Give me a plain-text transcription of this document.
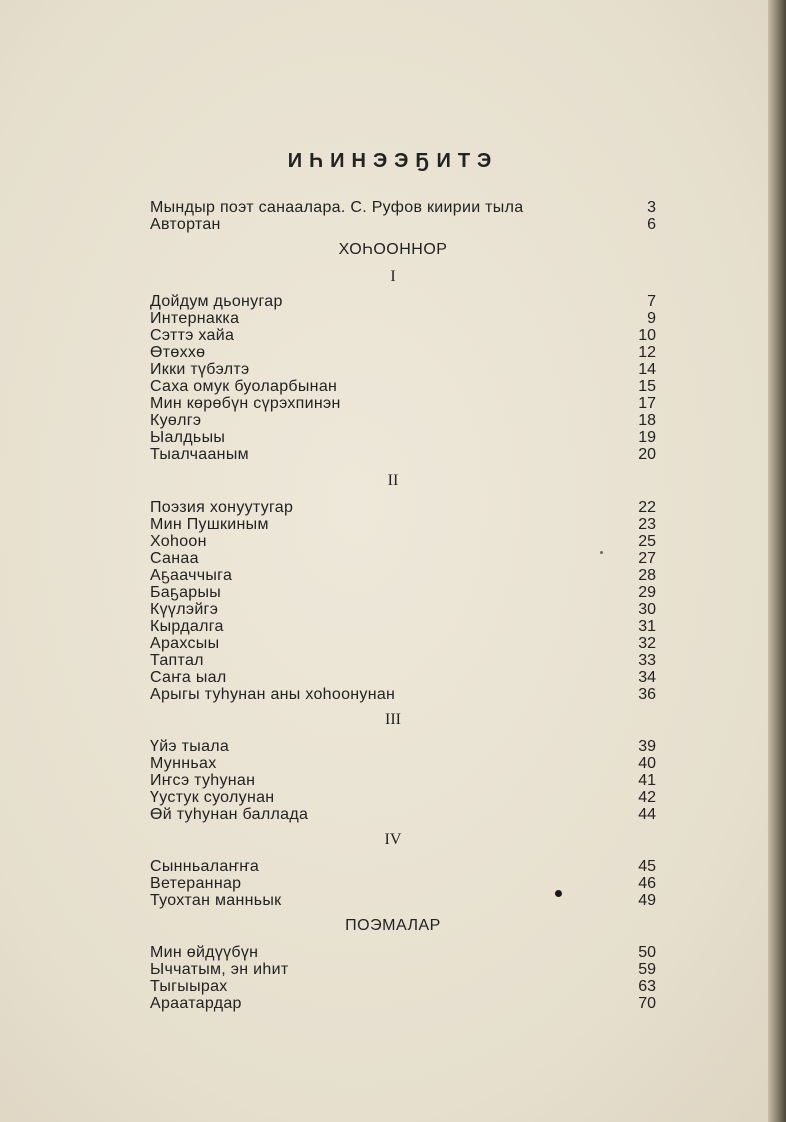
ИҺИНЭЭҔИТЭ
Мындыр поэт санаалара. С. Руфов киирии тыла	3
Автортан	6
ХОҺООННОР
I
Дойдум дьонугар	7
Интернакка	9
Сэттэ хайа	10
Өтөххө	12
Икки түбэлтэ	14
Саха омук буоларбынан	15
Мин көрөбүн сүрэхпинэн	17
Куөлгэ	18
Ыалдьыы	19
Тыалчааным	20
II
Поэзия хонуутугар	22
Мин Пушкиным	23
Хоһоон	25
Санаа	27
Аҕааччыга	28
Баҕарыы	29
Күүлэйгэ	30
Кырдалга	31
Арахсыы	32
Таптал	33
Саҥа ыал	34
Арыгы туһунан аны хоһоонунан	36
III
Үйэ тыала	39
Мунньах	40
Иҥсэ туһунан	41
Үустук суолунан	42
Өй туһунан баллада	44
IV
Сынньалаҥҥа	45
Ветераннар	46
Туохтан манньык	49
ПОЭМАЛАР
Мин өйдүүбүн	50
Ыччатым, эн иһит	59
Тыгыырах	63
Араатардар	70
